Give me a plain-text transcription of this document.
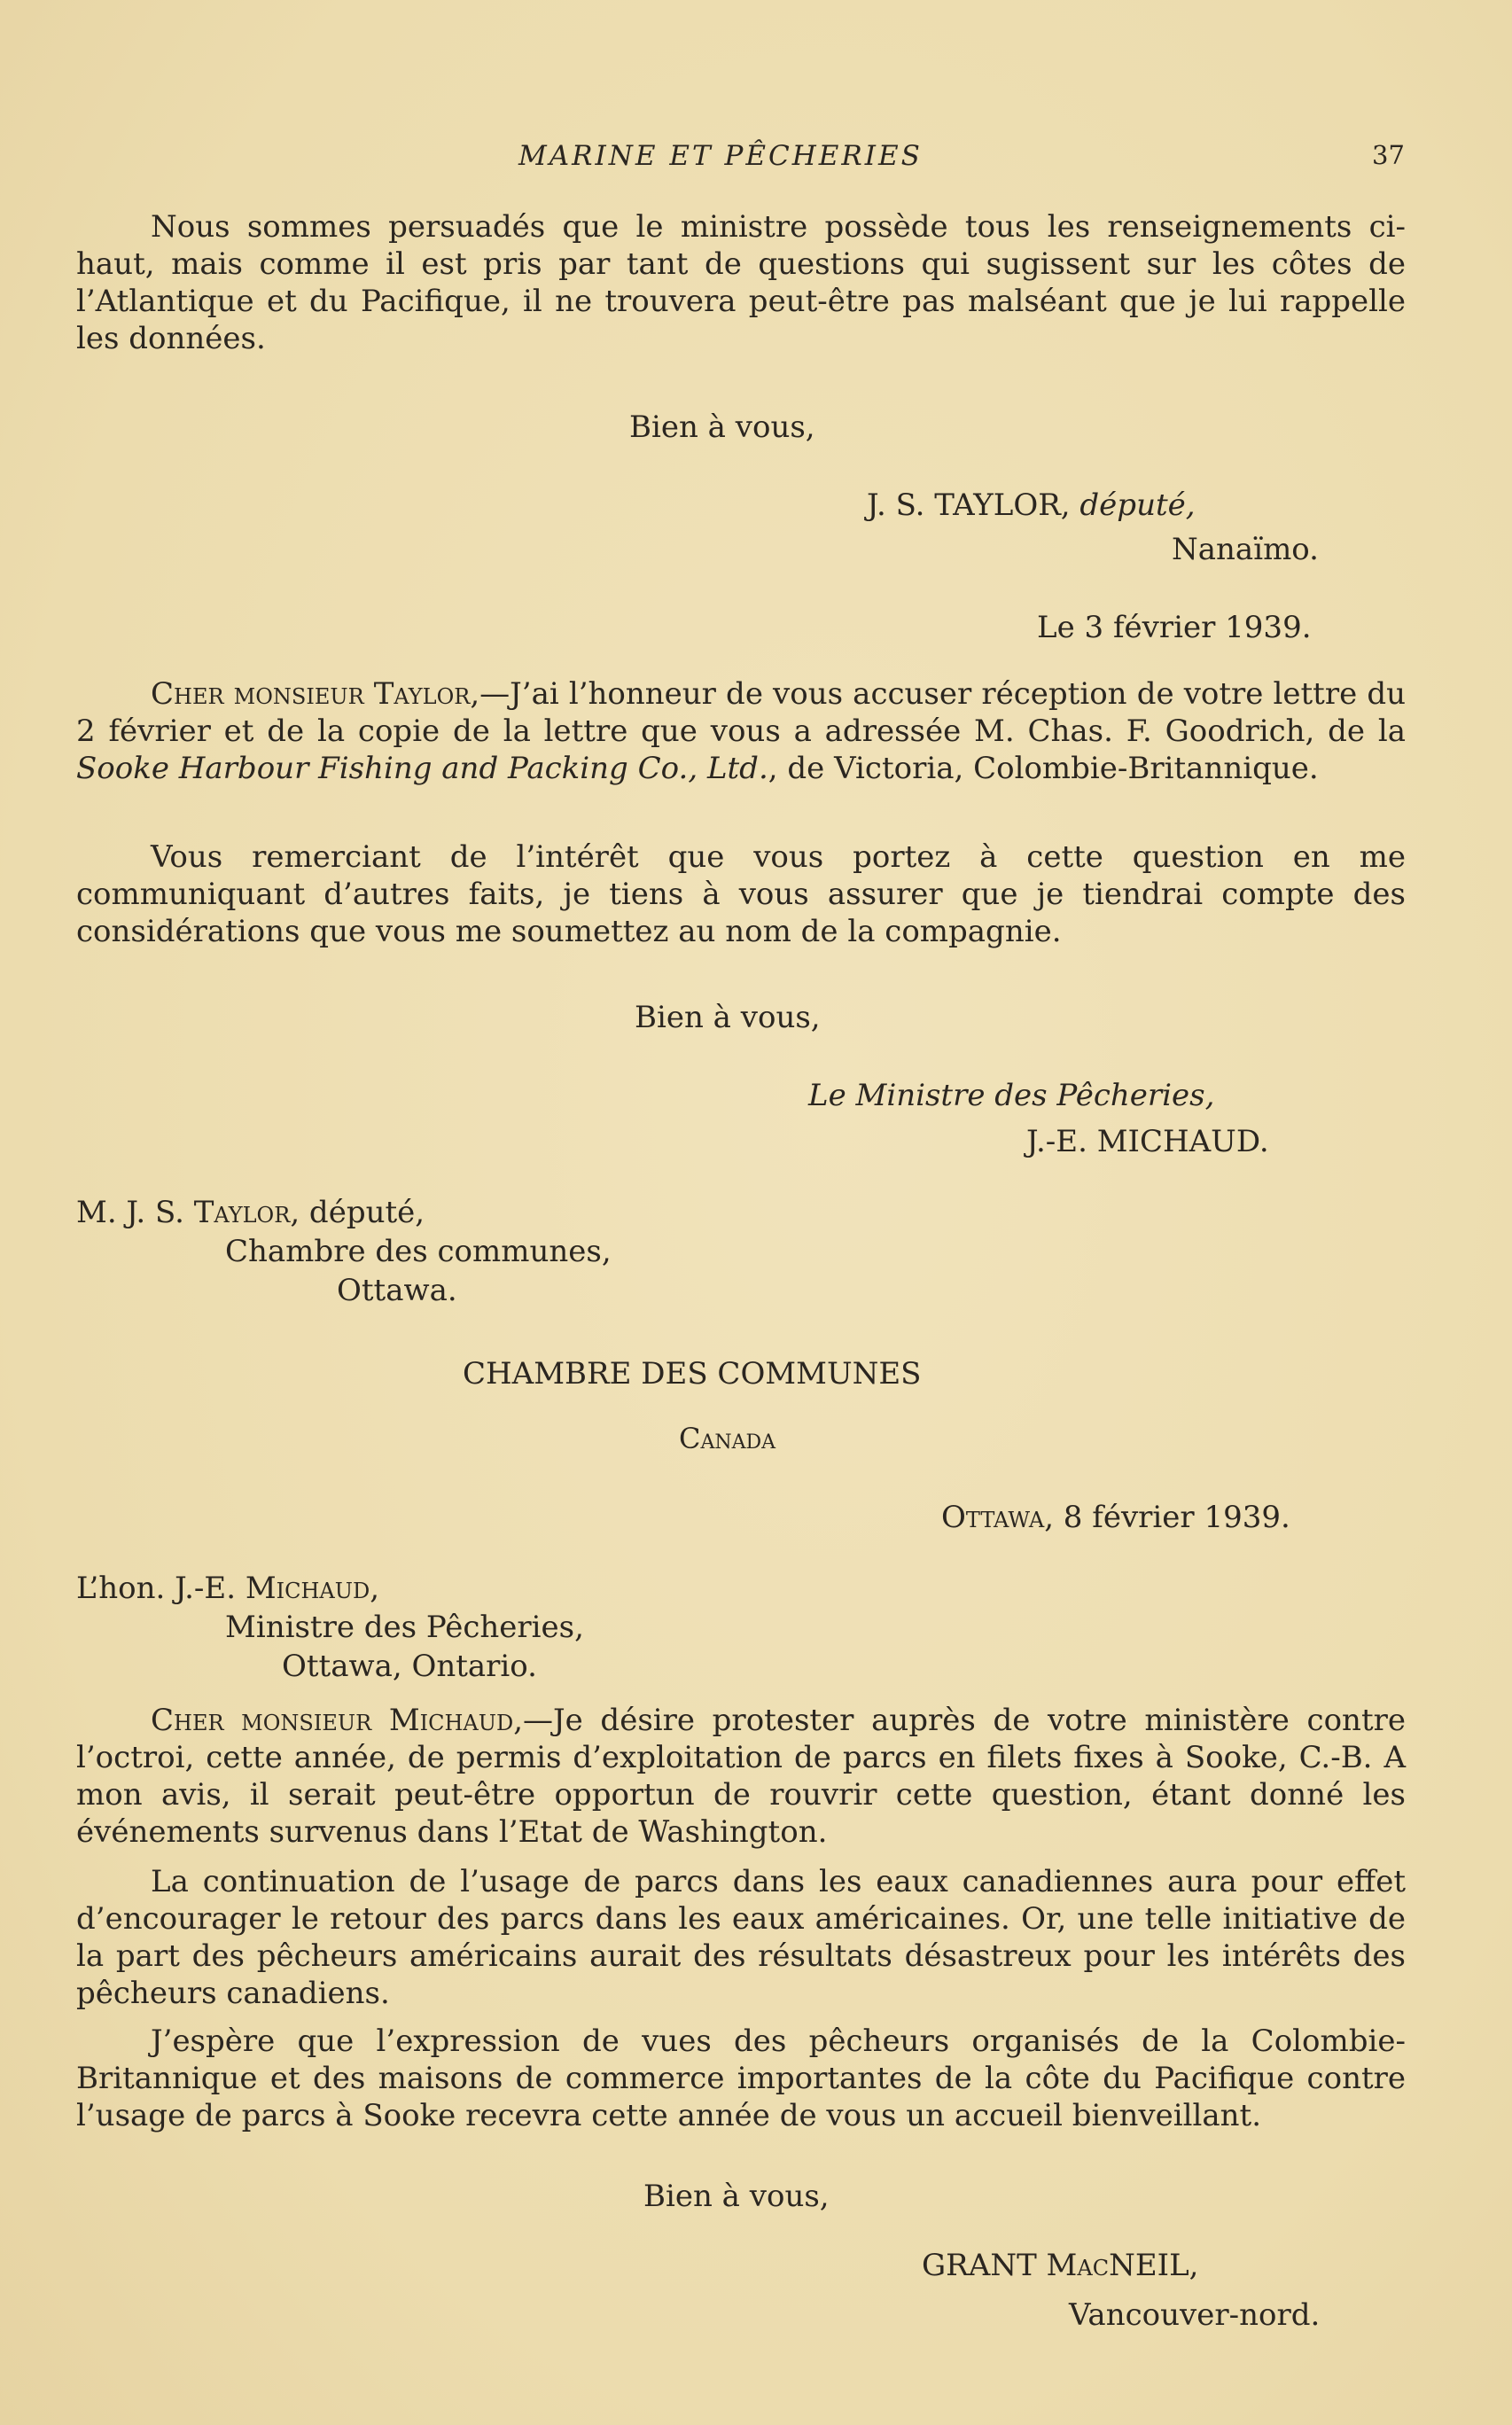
MARINE ET PÊCHERIES	37

Nous sommes persuadés que le ministre possède tous les renseignements ci-haut, mais comme il est pris par tant de questions qui sugissent sur les côtes de l’Atlantique et du Pacifique, il ne trouvera peut-être pas malséant que je lui rappelle les données.

Bien à vous,
J. S. TAYLOR, député,
Nanaïmo.
Le 3 février 1939.

Cher monsieur Taylor,—J’ai l’honneur de vous accuser réception de votre lettre du 2 février et de la copie de la lettre que vous a adressée M. Chas. F. Goodrich, de la Sooke Harbour Fishing and Packing Co., Ltd., de Victoria, Colombie-Britannique.

Vous remerciant de l’intérêt que vous portez à cette question en me communiquant d’autres faits, je tiens à vous assurer que je tiendrai compte des considérations que vous me soumettez au nom de la compagnie.

Bien à vous,
Le Ministre des Pêcheries,
J.-E. MICHAUD.
M. J. S. Taylor, député,
Chambre des communes,
Ottawa.
CHAMBRE DES COMMUNES
Canada
Ottawa, 8 février 1939.
L’hon. J.-E. Michaud,
Ministre des Pêcheries,
Ottawa, Ontario.

Cher monsieur Michaud,—Je désire protester auprès de votre ministère contre l’octroi, cette année, de permis d’exploitation de parcs en filets fixes à Sooke, C.-B. A mon avis, il serait peut-être opportun de rouvrir cette question, étant donné les événements survenus dans l’Etat de Washington.

La continuation de l’usage de parcs dans les eaux canadiennes aura pour effet d’encourager le retour des parcs dans les eaux américaines. Or, une telle initiative de la part des pêcheurs américains aurait des résultats désastreux pour les intérêts des pêcheurs canadiens.

J’espère que l’expression de vues des pêcheurs organisés de la Colombie-Britannique et des maisons de commerce importantes de la côte du Pacifique contre l’usage de parcs à Sooke recevra cette année de vous un accueil bienveillant.

Bien à vous,
GRANT MacNEIL,
Vancouver-nord.
